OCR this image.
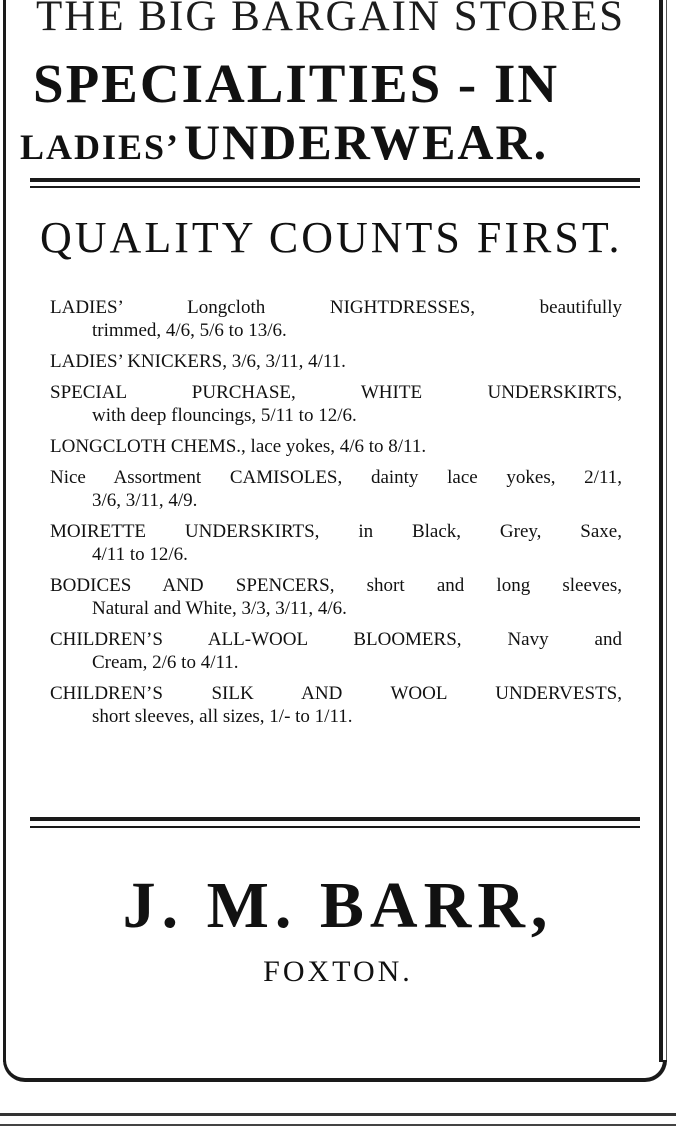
THE BIG BARGAIN STORES
SPECIALITIES - IN
LADIES’ UNDERWEAR.
QUALITY COUNTS FIRST.
LADIES’ Longcloth NIGHTDRESSES, beautifully
trimmed, 4/6, 5/6 to 13/6.
LADIES’ KNICKERS, 3/6, 3/11, 4/11.
SPECIAL PURCHASE, WHITE UNDERSKIRTS,
with deep flouncings, 5/11 to 12/6.
LONGCLOTH CHEMS., lace yokes, 4/6 to 8/11.
Nice Assortment CAMISOLES, dainty lace yokes, 2/11,
3/6, 3/11, 4/9.
MOIRETTE UNDERSKIRTS, in Black, Grey, Saxe,
4/11 to 12/6.
BODICES AND SPENCERS, short and long sleeves,
Natural and White, 3/3, 3/11, 4/6.
CHILDREN’S ALL-WOOL BLOOMERS, Navy and
Cream, 2/6 to 4/11.
CHILDREN’S SILK AND WOOL UNDERVESTS,
short sleeves, all sizes, 1/- to 1/11.
J. M. BARR,
FOXTON.
